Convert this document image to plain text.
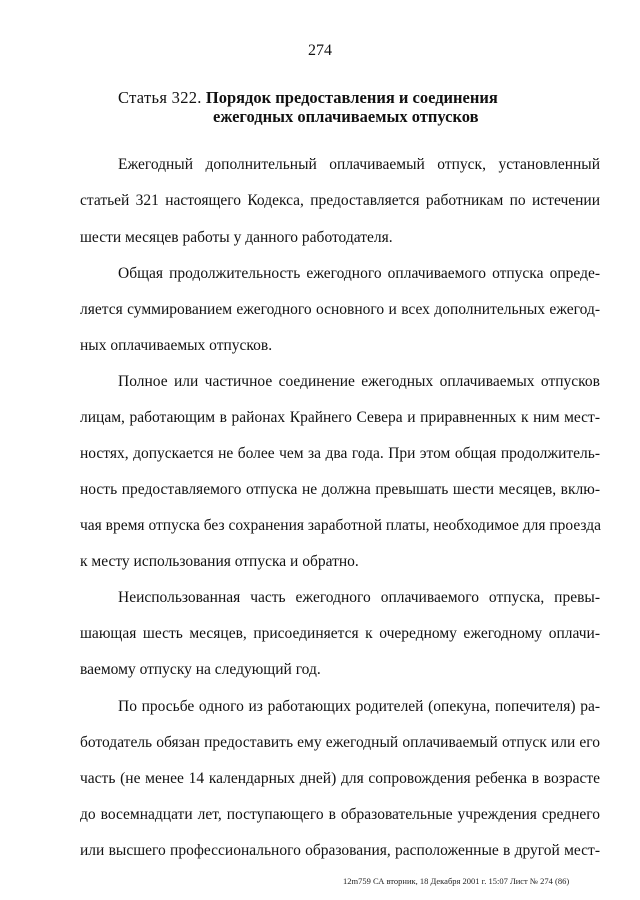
274
Статья 322. Порядок предоставления и соединения
ежегодных оплачиваемых отпусков
Ежегодный дополнительный оплачиваемый отпуск, установленный
статьей 321 настоящего Кодекса, предоставляется работникам по истечении
шести месяцев работы у данного работодателя.
Общая продолжительность ежегодного оплачиваемого отпуска опреде-
ляется суммированием ежегодного основного и всех дополнительных ежегод-
ных оплачиваемых отпусков.
Полное или частичное соединение ежегодных оплачиваемых отпусков
лицам, работающим в районах Крайнего Севера и приравненных к ним мест-
ностях, допускается не более чем за два года. При этом общая продолжитель-
ность предоставляемого отпуска не должна превышать шести месяцев, вклю-
чая время отпуска без сохранения заработной платы, необходимое для проезда
к месту использования отпуска и обратно.
Неиспользованная часть ежегодного оплачиваемого отпуска, превы-
шающая шесть месяцев, присоединяется к очередному ежегодному оплачи-
ваемому отпуску на следующий год.
По просьбе одного из работающих родителей (опекуна, попечителя) ра-
ботодатель обязан предоставить ему ежегодный оплачиваемый отпуск или его
часть (не менее 14 календарных дней) для сопровождения ребенка в возрасте
до восемнадцати лет, поступающего в образовательные учреждения среднего
или высшего профессионального образования, расположенные в другой мест-
12m759 СА вторник, 18 Декабря 2001 г. 15:07 Лист № 274 (86)
